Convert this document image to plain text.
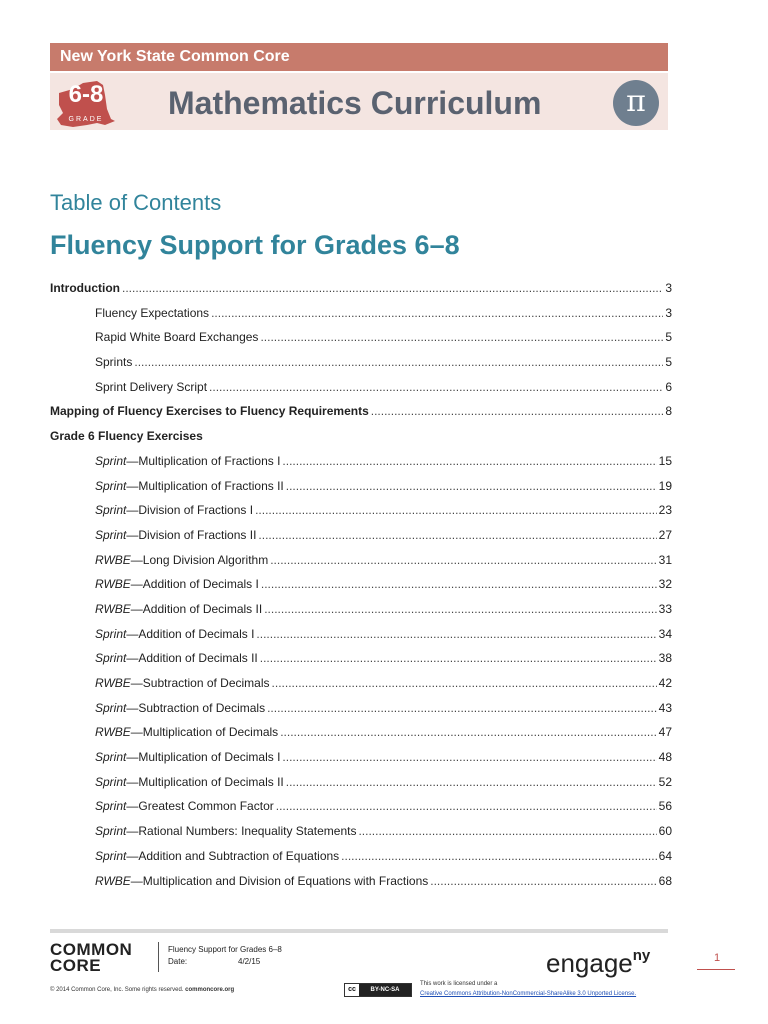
New York State Common Core
6-8
GRADE Mathematics Curriculum	π
Table of Contents
Fluency Support for Grades 6–8
Introduction .....	3
Fluency Expectations .....	3
Rapid White Board Exchanges .....	5
Sprints .....	5
Sprint Delivery Script .....	6
Mapping of Fluency Exercises to Fluency Requirements .....	8
Grade 6 Fluency Exercises
Sprint—Multiplication of Fractions I .....	15
Sprint—Multiplication of Fractions II .....	19
Sprint—Division of Fractions I .....	23
Sprint—Division of Fractions II .....	27
RWBE—Long Division Algorithm .....	31
RWBE—Addition of Decimals I .....	32
RWBE—Addition of Decimals II .....	33
Sprint—Addition of Decimals I .....	34
Sprint—Addition of Decimals II .....	38
RWBE—Subtraction of Decimals .....	42
Sprint—Subtraction of Decimals .....	43
RWBE—Multiplication of Decimals .....	47
Sprint—Multiplication of Decimals I .....	48
Sprint—Multiplication of Decimals II .....	52
Sprint—Greatest Common Factor .....	56
Sprint—Rational Numbers: Inequality Statements .....	60
Sprint—Addition and Subtraction of Equations .....	64
RWBE—Multiplication and Division of Equations with Fractions .....	68
COMMON
CORE
Fluency Support for Grades 6–8
Date:	4/2/15	engage$^{ny}$	1
© 2014 Common Core, Inc. Some rights reserved. commoncore.org	cc	BY-NC-SA
This work is licensed under a
Creative Commons Attribution-NonCommercial-ShareAlike 3.0 Unported License.
